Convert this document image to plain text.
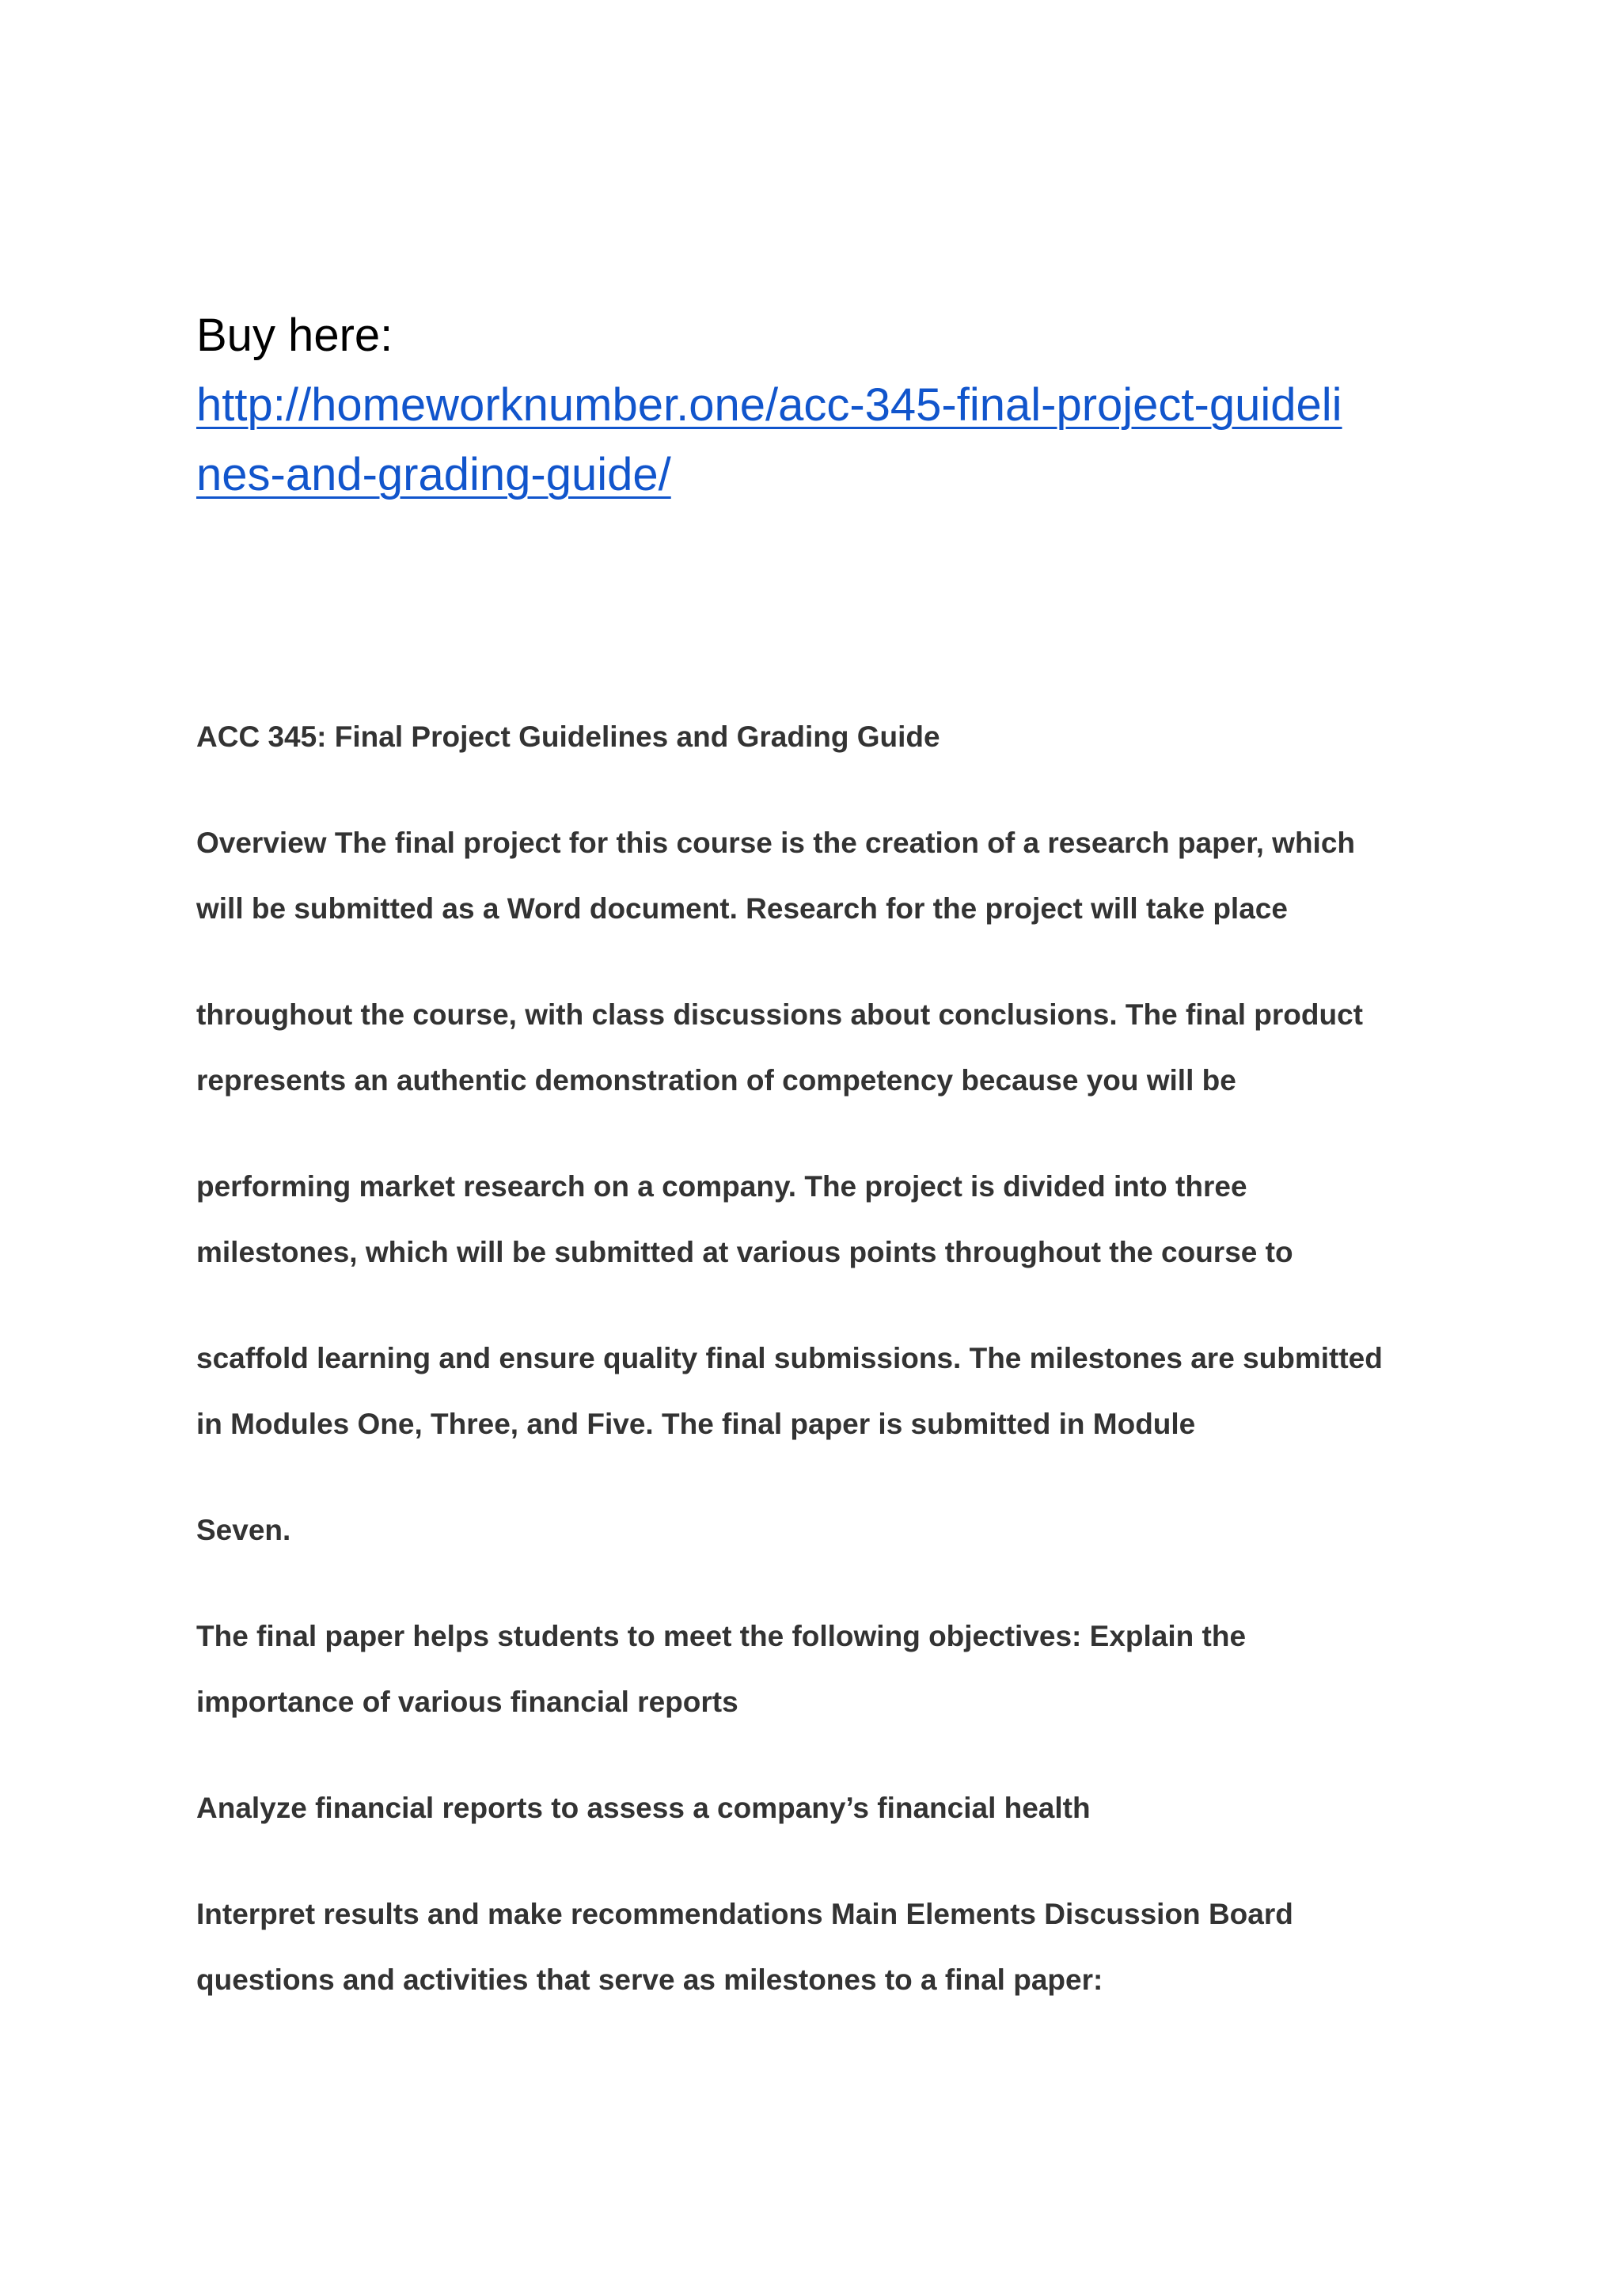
Buy here:
http://homeworknumber.one/acc-345-final-project-guideli
nes-and-grading-guide/
ACC 345: Final Project Guidelines and Grading Guide
Overview The final project for this course is the creation of a research paper, which
will be submitted as a Word document. Research for the project will take place
throughout the course, with class discussions about conclusions. The final product
represents an authentic demonstration of competency because you will be
performing market research on a company. The project is divided into three
milestones, which will be submitted at various points throughout the course to
scaffold learning and ensure quality final submissions. The milestones are submitted
in Modules One, Three, and Five. The final paper is submitted in Module
Seven.
The final paper helps students to meet the following objectives: Explain the
importance of various financial reports
Analyze financial reports to assess a company’s financial health
Interpret results and make recommendations Main Elements Discussion Board
questions and activities that serve as milestones to a final paper:
